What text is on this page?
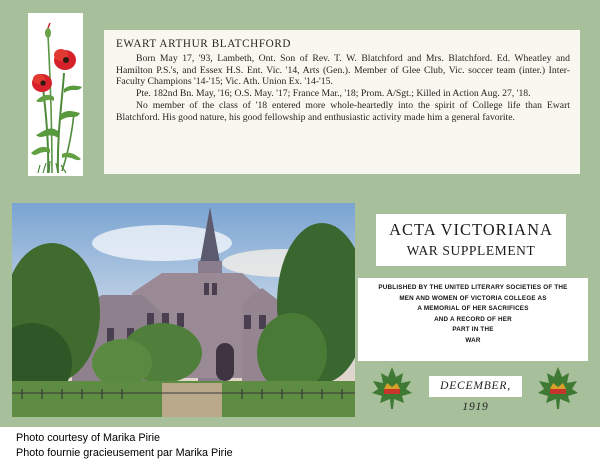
EWART ARTHUR BLATCHFORD

Born May 17, '93, Lambeth, Ont. Son of Rev. T. W. Blatchford and Mrs. Blatchford. Ed. Wheatley and Hamilton P.S.'s, and Essex H.S. Ent. Vic. '14, Arts (Gen.). Member of Glee Club, Vic. soccer team (inter.) Inter-Faculty Champions '14-'15; Vic. Ath. Union Ex. '14-'15.

Pte. 182nd Bn. May, '16; O.S. May. '17; France Mar., '18; Prom. A/Sgt.; Killed in Action Aug. 27, '18.

No member of the class of '18 entered more whole-heartedly into the spirit of College life than Ewart Blatchford. His good nature, his good fellowship and enthusiastic activity made him a general favorite.

ACTA VICTORIANA
WAR SUPPLEMENT
PUBLISHED BY THE UNITED LITERARY SOCIETIES OF THE
MEN AND WOMEN OF VICTORIA COLLEGE AS
A MEMORIAL OF HER SACRIFICES
AND A RECORD OF HER
PART IN THE
WAR
DECEMBER, 1919
Photo courtesy of Marika Pirie
Photo fournie gracieusement par Marika Pirie
